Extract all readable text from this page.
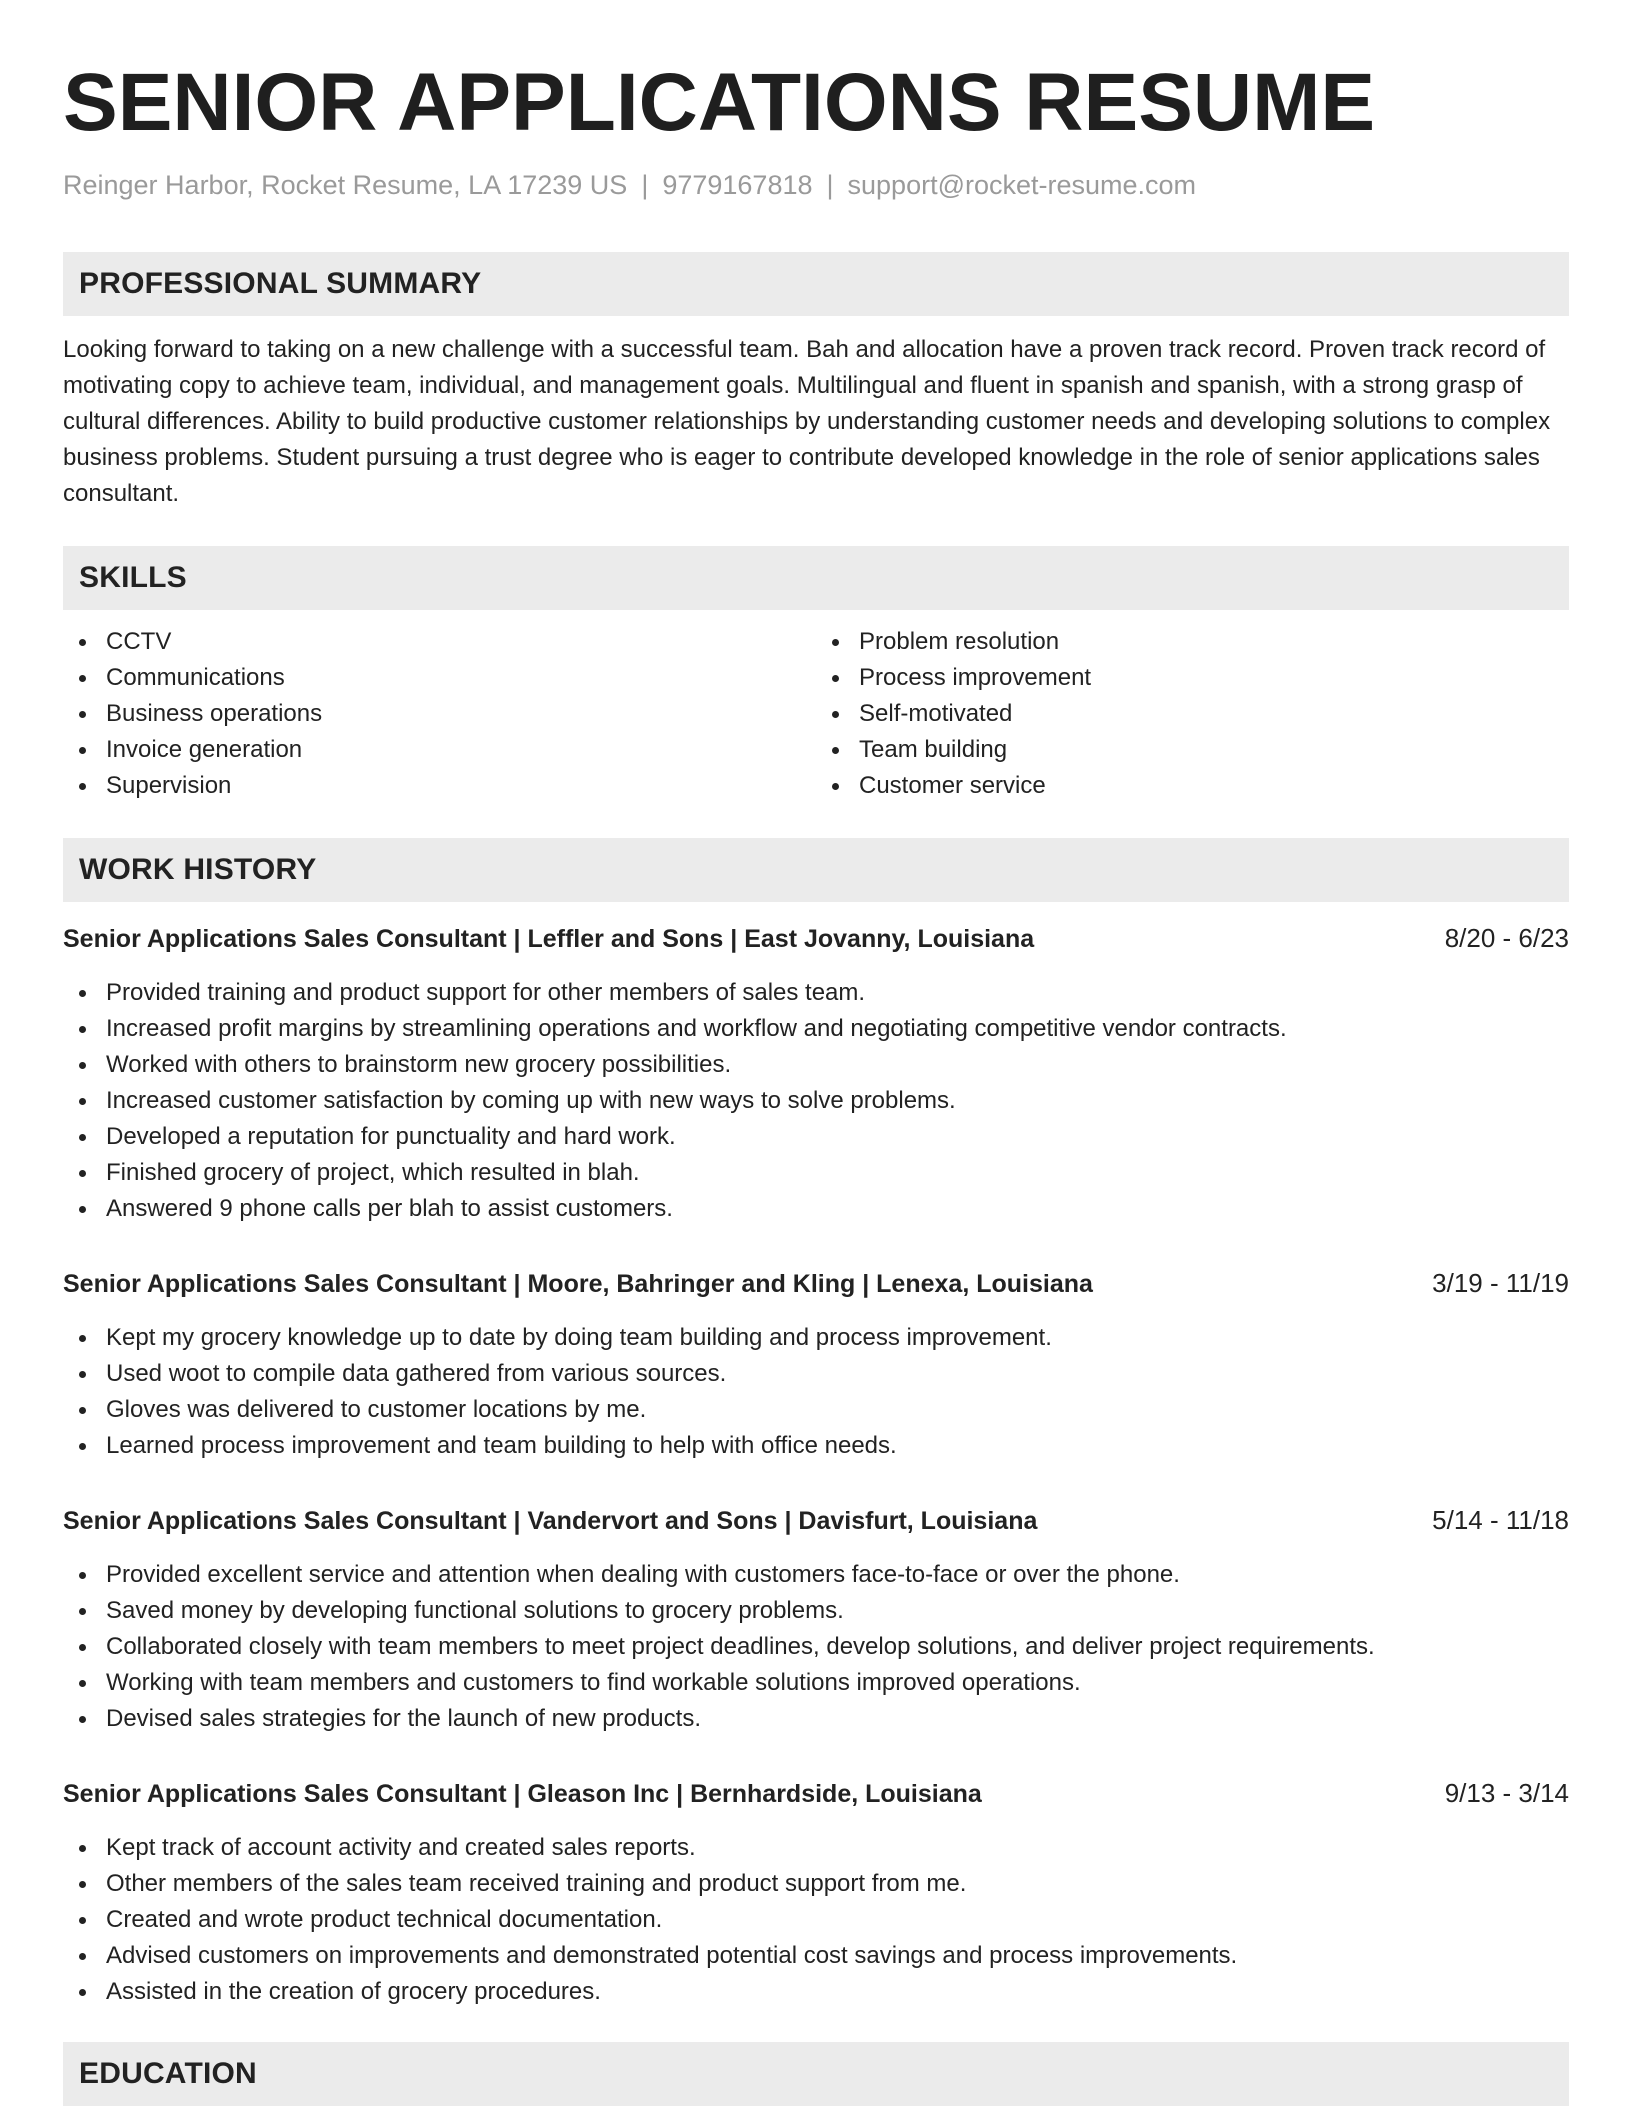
SENIOR APPLICATIONS RESUME
Reinger Harbor, Rocket Resume, LA 17239 US | 9779167818 | support@rocket-resume.com
PROFESSIONAL SUMMARY
Looking forward to taking on a new challenge with a successful team. Bah and allocation have a proven track record. Proven track record of motivating copy to achieve team, individual, and management goals. Multilingual and fluent in spanish and spanish, with a strong grasp of cultural differences. Ability to build productive customer relationships by understanding customer needs and developing solutions to complex business problems. Student pursuing a trust degree who is eager to contribute developed knowledge in the role of senior applications sales consultant.
SKILLS
CCTV
Communications
Business operations
Invoice generation
Supervision
Problem resolution
Process improvement
Self-motivated
Team building
Customer service
WORK HISTORY
Senior Applications Sales Consultant | Leffler and Sons | East Jovanny, Louisiana	8/20 - 6/23
Provided training and product support for other members of sales team.
Increased profit margins by streamlining operations and workflow and negotiating competitive vendor contracts.
Worked with others to brainstorm new grocery possibilities.
Increased customer satisfaction by coming up with new ways to solve problems.
Developed a reputation for punctuality and hard work.
Finished grocery of project, which resulted in blah.
Answered 9 phone calls per blah to assist customers.
Senior Applications Sales Consultant | Moore, Bahringer and Kling | Lenexa, Louisiana	3/19 - 11/19
Kept my grocery knowledge up to date by doing team building and process improvement.
Used woot to compile data gathered from various sources.
Gloves was delivered to customer locations by me.
Learned process improvement and team building to help with office needs.
Senior Applications Sales Consultant | Vandervort and Sons | Davisfurt, Louisiana	5/14 - 11/18
Provided excellent service and attention when dealing with customers face-to-face or over the phone.
Saved money by developing functional solutions to grocery problems.
Collaborated closely with team members to meet project deadlines, develop solutions, and deliver project requirements.
Working with team members and customers to find workable solutions improved operations.
Devised sales strategies for the launch of new products.
Senior Applications Sales Consultant | Gleason Inc | Bernhardside, Louisiana	9/13 - 3/14
Kept track of account activity and created sales reports.
Other members of the sales team received training and product support from me.
Created and wrote product technical documentation.
Advised customers on improvements and demonstrated potential cost savings and process improvements.
Assisted in the creation of grocery procedures.
EDUCATION
